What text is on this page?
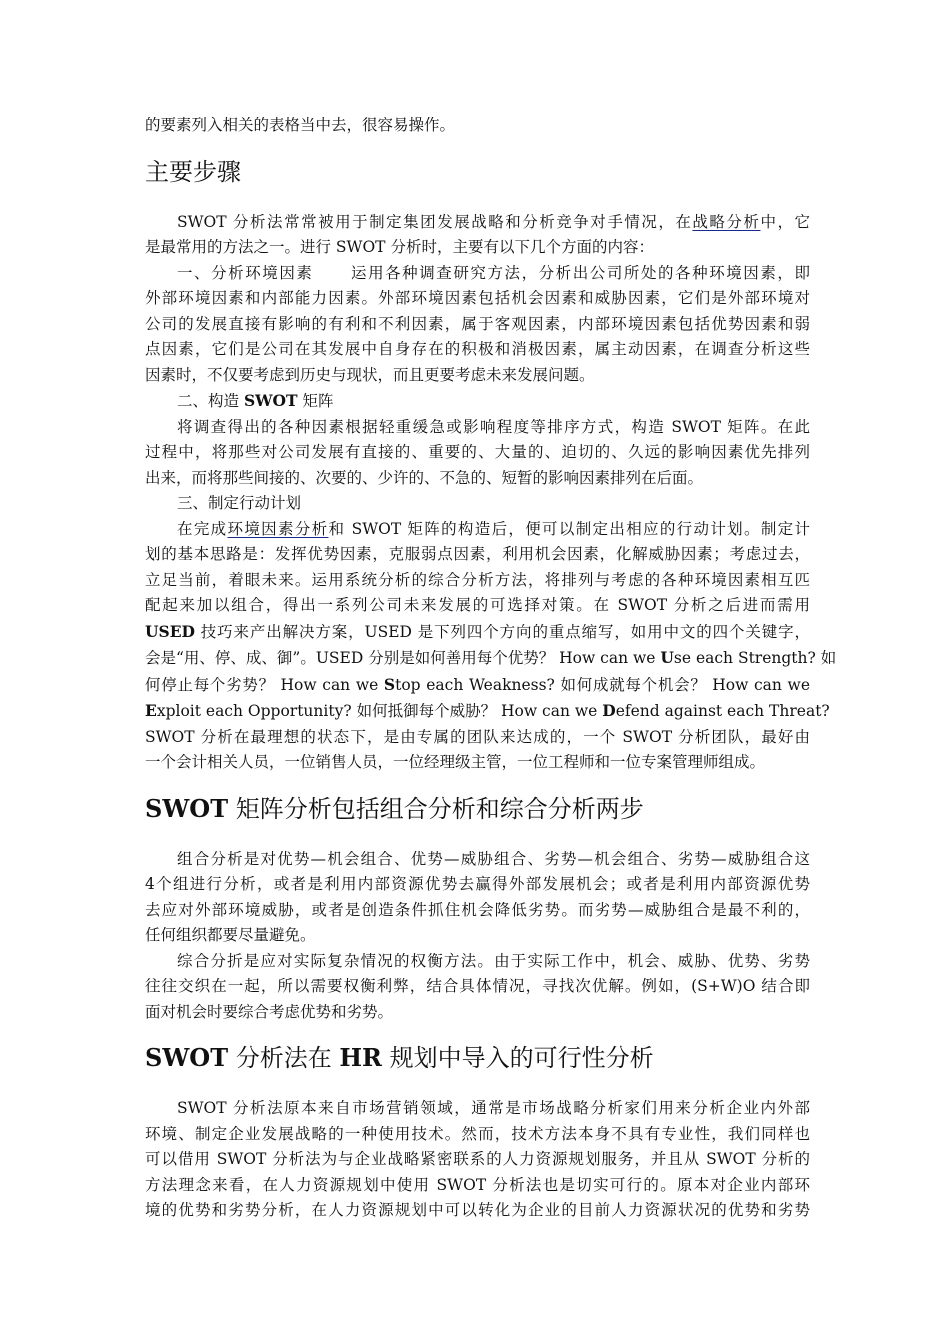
的要素列入相关的表格当中去，很容易操作。
主要步骤
SWOT 分析法常常被用于制定集团发展战略和分析竞争对手情况，在战略分析中，它
是最常用的方法之一。进行 SWOT 分析时，主要有以下几个方面的内容：
一、分析环境因素 运用各种调查研究方法，分析出公司所处的各种环境因素，即
外部环境因素和内部能力因素。外部环境因素包括机会因素和威胁因素，它们是外部环境对
公司的发展直接有影响的有利和不利因素，属于客观因素，内部环境因素包括优势因素和弱
点因素，它们是公司在其发展中自身存在的积极和消极因素，属主动因素，在调查分析这些
因素时，不仅要考虑到历史与现状，而且更要考虑未来发展问题。
二、构造 SWOT 矩阵
将调查得出的各种因素根据轻重缓急或影响程度等排序方式，构造 SWOT 矩阵。在此
过程中，将那些对公司发展有直接的、重要的、大量的、迫切的、久远的影响因素优先排列
出来，而将那些间接的、次要的、少许的、不急的、短暂的影响因素排列在后面。
三、制定行动计划
在完成环境因素分析和 SWOT 矩阵的构造后，便可以制定出相应的行动计划。制定计
划的基本思路是：发挥优势因素，克服弱点因素，利用机会因素，化解威胁因素；考虑过去，
立足当前，着眼未来。运用系统分析的综合分析方法，将排列与考虑的各种环境因素相互匹
配起来加以组合，得出一系列公司未来发展的可选择对策。在 SWOT 分析之后进而需用
USED 技巧来产出解决方案，USED 是下列四个方向的重点缩写，如用中文的四个关键字，
会是“用、停、成、御”。USED 分别是如何善用每个优势？ How can we Use each Strength? 如
何停止每个劣势？ How can we Stop each Weakness? 如何成就每个机会？ How can we
Exploit each Opportunity? 如何抵御每个威胁？ How can we Defend against each Threat?
SWOT 分析在最理想的状态下，是由专属的团队来达成的，一个 SWOT 分析团队，最好由
一个会计相关人员，一位销售人员，一位经理级主管，一位工程师和一位专案管理师组成。
SWOT 矩阵分析包括组合分析和综合分析两步
组合分析是对优势—机会组合、优势—威胁组合、劣势—机会组合、劣势—威胁组合这
4个组进行分析，或者是利用内部资源优势去赢得外部发展机会；或者是利用内部资源优势
去应对外部环境威胁，或者是创造条件抓住机会降低劣势。而劣势—威胁组合是最不利的，
任何组织都要尽量避免。
综合分折是应对实际复杂情况的权衡方法。由于实际工作中，机会、威胁、优势、劣势
往往交织在一起，所以需要权衡利弊，结合具体情况，寻找次优解。例如，(S+W)O 结合即
面对机会时要综合考虑优势和劣势。
SWOT 分析法在 HR 规划中导入的可行性分析
SWOT 分析法原本来自市场营销领域，通常是市场战略分析家们用来分析企业内外部
环境、制定企业发展战略的一种使用技术。然而，技术方法本身不具有专业性，我们同样也
可以借用 SWOT 分析法为与企业战略紧密联系的人力资源规划服务，并且从 SWOT 分析的
方法理念来看，在人力资源规划中使用 SWOT 分析法也是切实可行的。原本对企业内部环
境的优势和劣势分析，在人力资源规划中可以转化为企业的目前人力资源状况的优势和劣势
